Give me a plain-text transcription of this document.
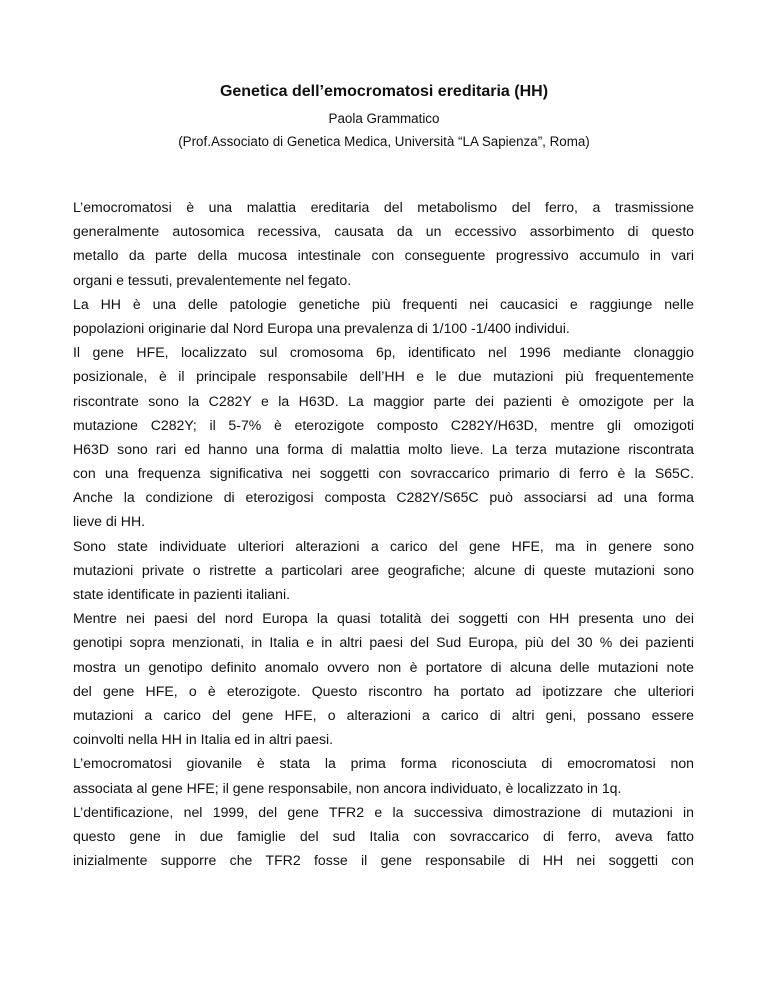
Genetica dell’emocromatosi ereditaria (HH)

Paola Grammatico

(Prof.Associato di Genetica Medica, Università “LA Sapienza”, Roma)

L’emocromatosi è una malattia ereditaria del metabolismo del ferro, a trasmissione
generalmente autosomica recessiva, causata da un eccessivo assorbimento di questo
metallo da parte della mucosa intestinale con conseguente progressivo accumulo in vari
organi e tessuti, prevalentemente nel fegato.
La HH è una delle patologie genetiche più frequenti nei caucasici e raggiunge nelle
popolazioni originarie dal Nord Europa una prevalenza di 1/100 -1/400 individui.
Il gene HFE, localizzato sul cromosoma 6p, identificato nel 1996 mediante clonaggio
posizionale, è il principale responsabile dell’HH e le due mutazioni più frequentemente
riscontrate sono la C282Y e la H63D. La maggior parte dei pazienti è omozigote per la
mutazione C282Y; il 5-7% è eterozigote composto C282Y/H63D, mentre gli omozigoti
H63D sono rari ed hanno una forma di malattia molto lieve. La terza mutazione riscontrata
con una frequenza significativa nei soggetti con sovraccarico primario di ferro è la S65C.
Anche la condizione di eterozigosi composta C282Y/S65C può associarsi ad una forma
lieve di HH.
Sono state individuate ulteriori alterazioni a carico del gene HFE, ma in genere sono
mutazioni private o ristrette a particolari aree geografiche; alcune di queste mutazioni sono
state identificate in pazienti italiani.
Mentre nei paesi del nord Europa la quasi totalità dei soggetti con HH presenta uno dei
genotipi sopra menzionati, in Italia e in altri paesi del Sud Europa, più del 30 % dei pazienti
mostra un genotipo definito anomalo ovvero non è portatore di alcuna delle mutazioni note
del gene HFE, o è eterozigote. Questo riscontro ha portato ad ipotizzare che ulteriori
mutazioni a carico del gene HFE, o alterazioni a carico di altri geni, possano essere
coinvolti nella HH in Italia ed in altri paesi.
L’emocromatosi giovanile è stata la prima forma riconosciuta di emocromatosi non
associata al gene HFE; il gene responsabile, non ancora individuato, è localizzato in 1q.
L’dentificazione, nel 1999, del gene TFR2 e la successiva dimostrazione di mutazioni in
questo gene in due famiglie del sud Italia con sovraccarico di ferro, aveva fatto
inizialmente supporre che TFR2 fosse il gene responsabile di HH nei soggetti con
